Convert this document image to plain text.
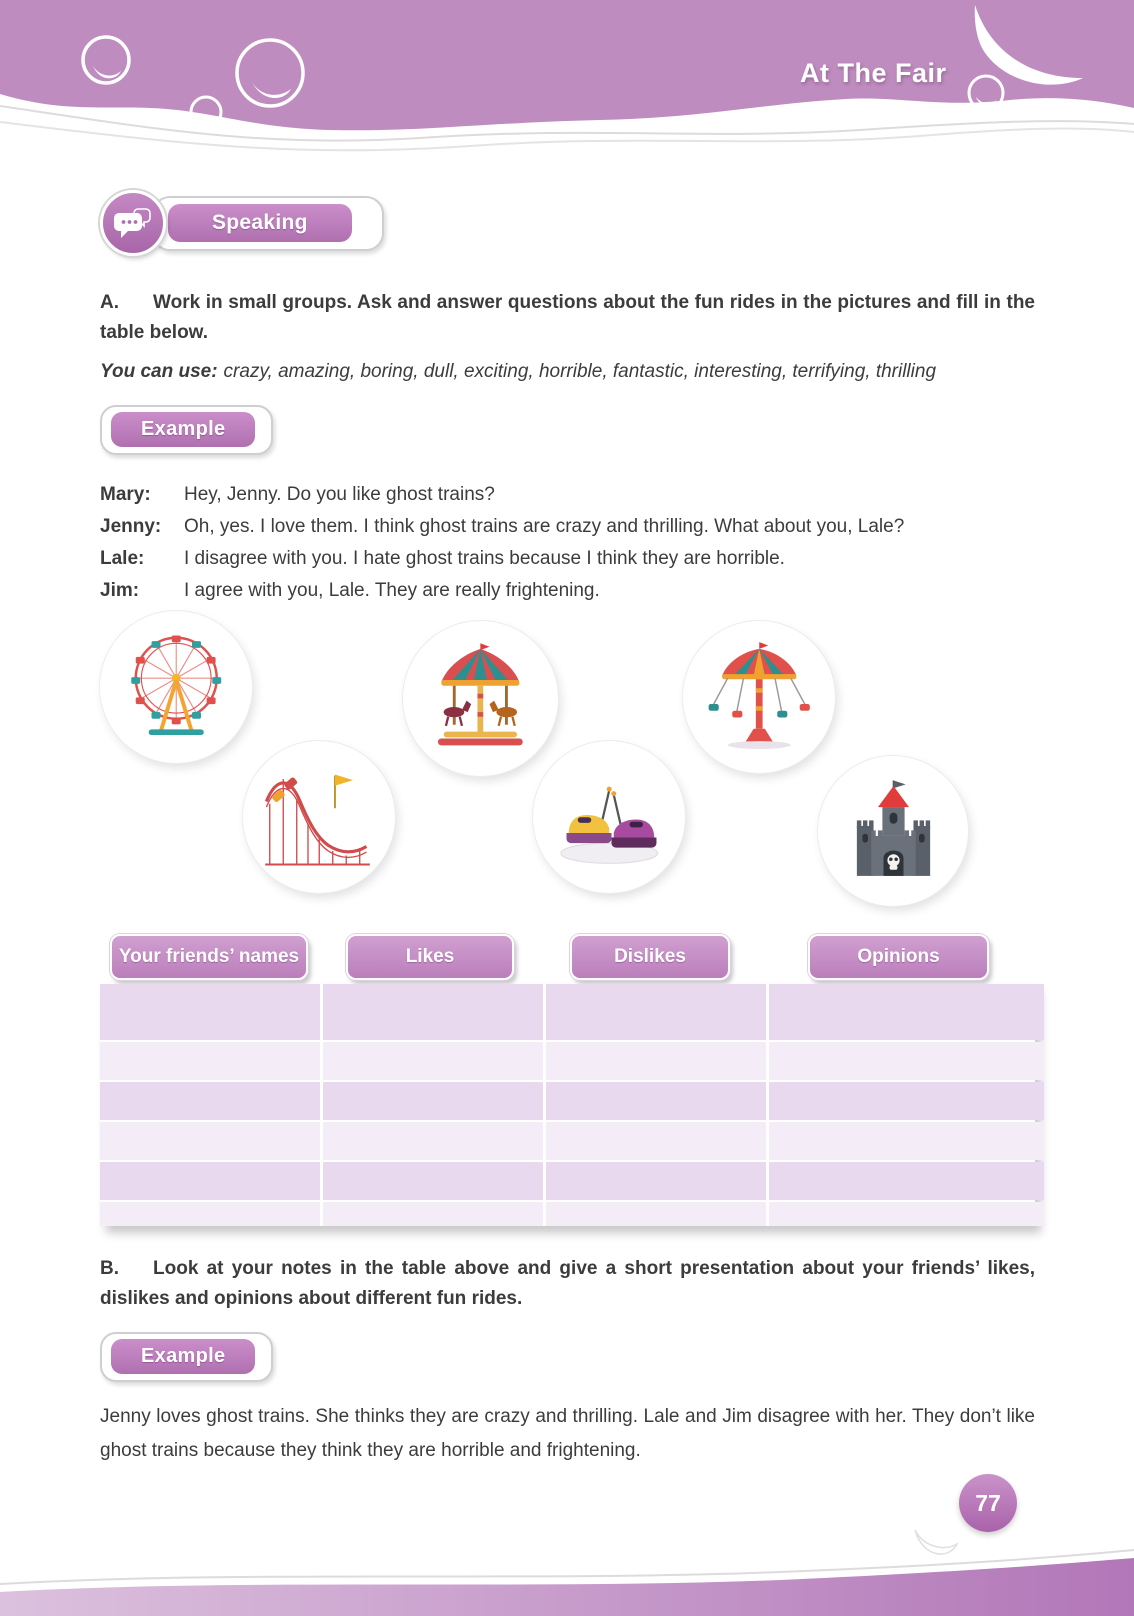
At The Fair
Speaking

A. Work in small groups. Ask and answer questions about the fun rides in the pictures and fill in the table below.

You can use: crazy, amazing, boring, dull, exciting, horrible, fantastic, interesting, terrifying, thrilling

Example
Mary:	Hey, Jenny. Do you like ghost trains?
Jenny:	Oh, yes. I love them. I think ghost trains are crazy and thrilling. What about you, Lale?
Lale:	I disagree with you. I hate ghost trains because I think they are horrible.
Jim:	I agree with you, Lale. They are really frightening.
Your friends’ names	Likes	Dislikes	Opinions

B. Look at your notes in the table above and give a short presentation about your friends’ likes, dislikes and opinions about different fun rides.

Example

Jenny loves ghost trains. She thinks they are crazy and thrilling. Lale and Jim disagree with her. They don’t like ghost trains because they think they are horrible and frightening.

77
